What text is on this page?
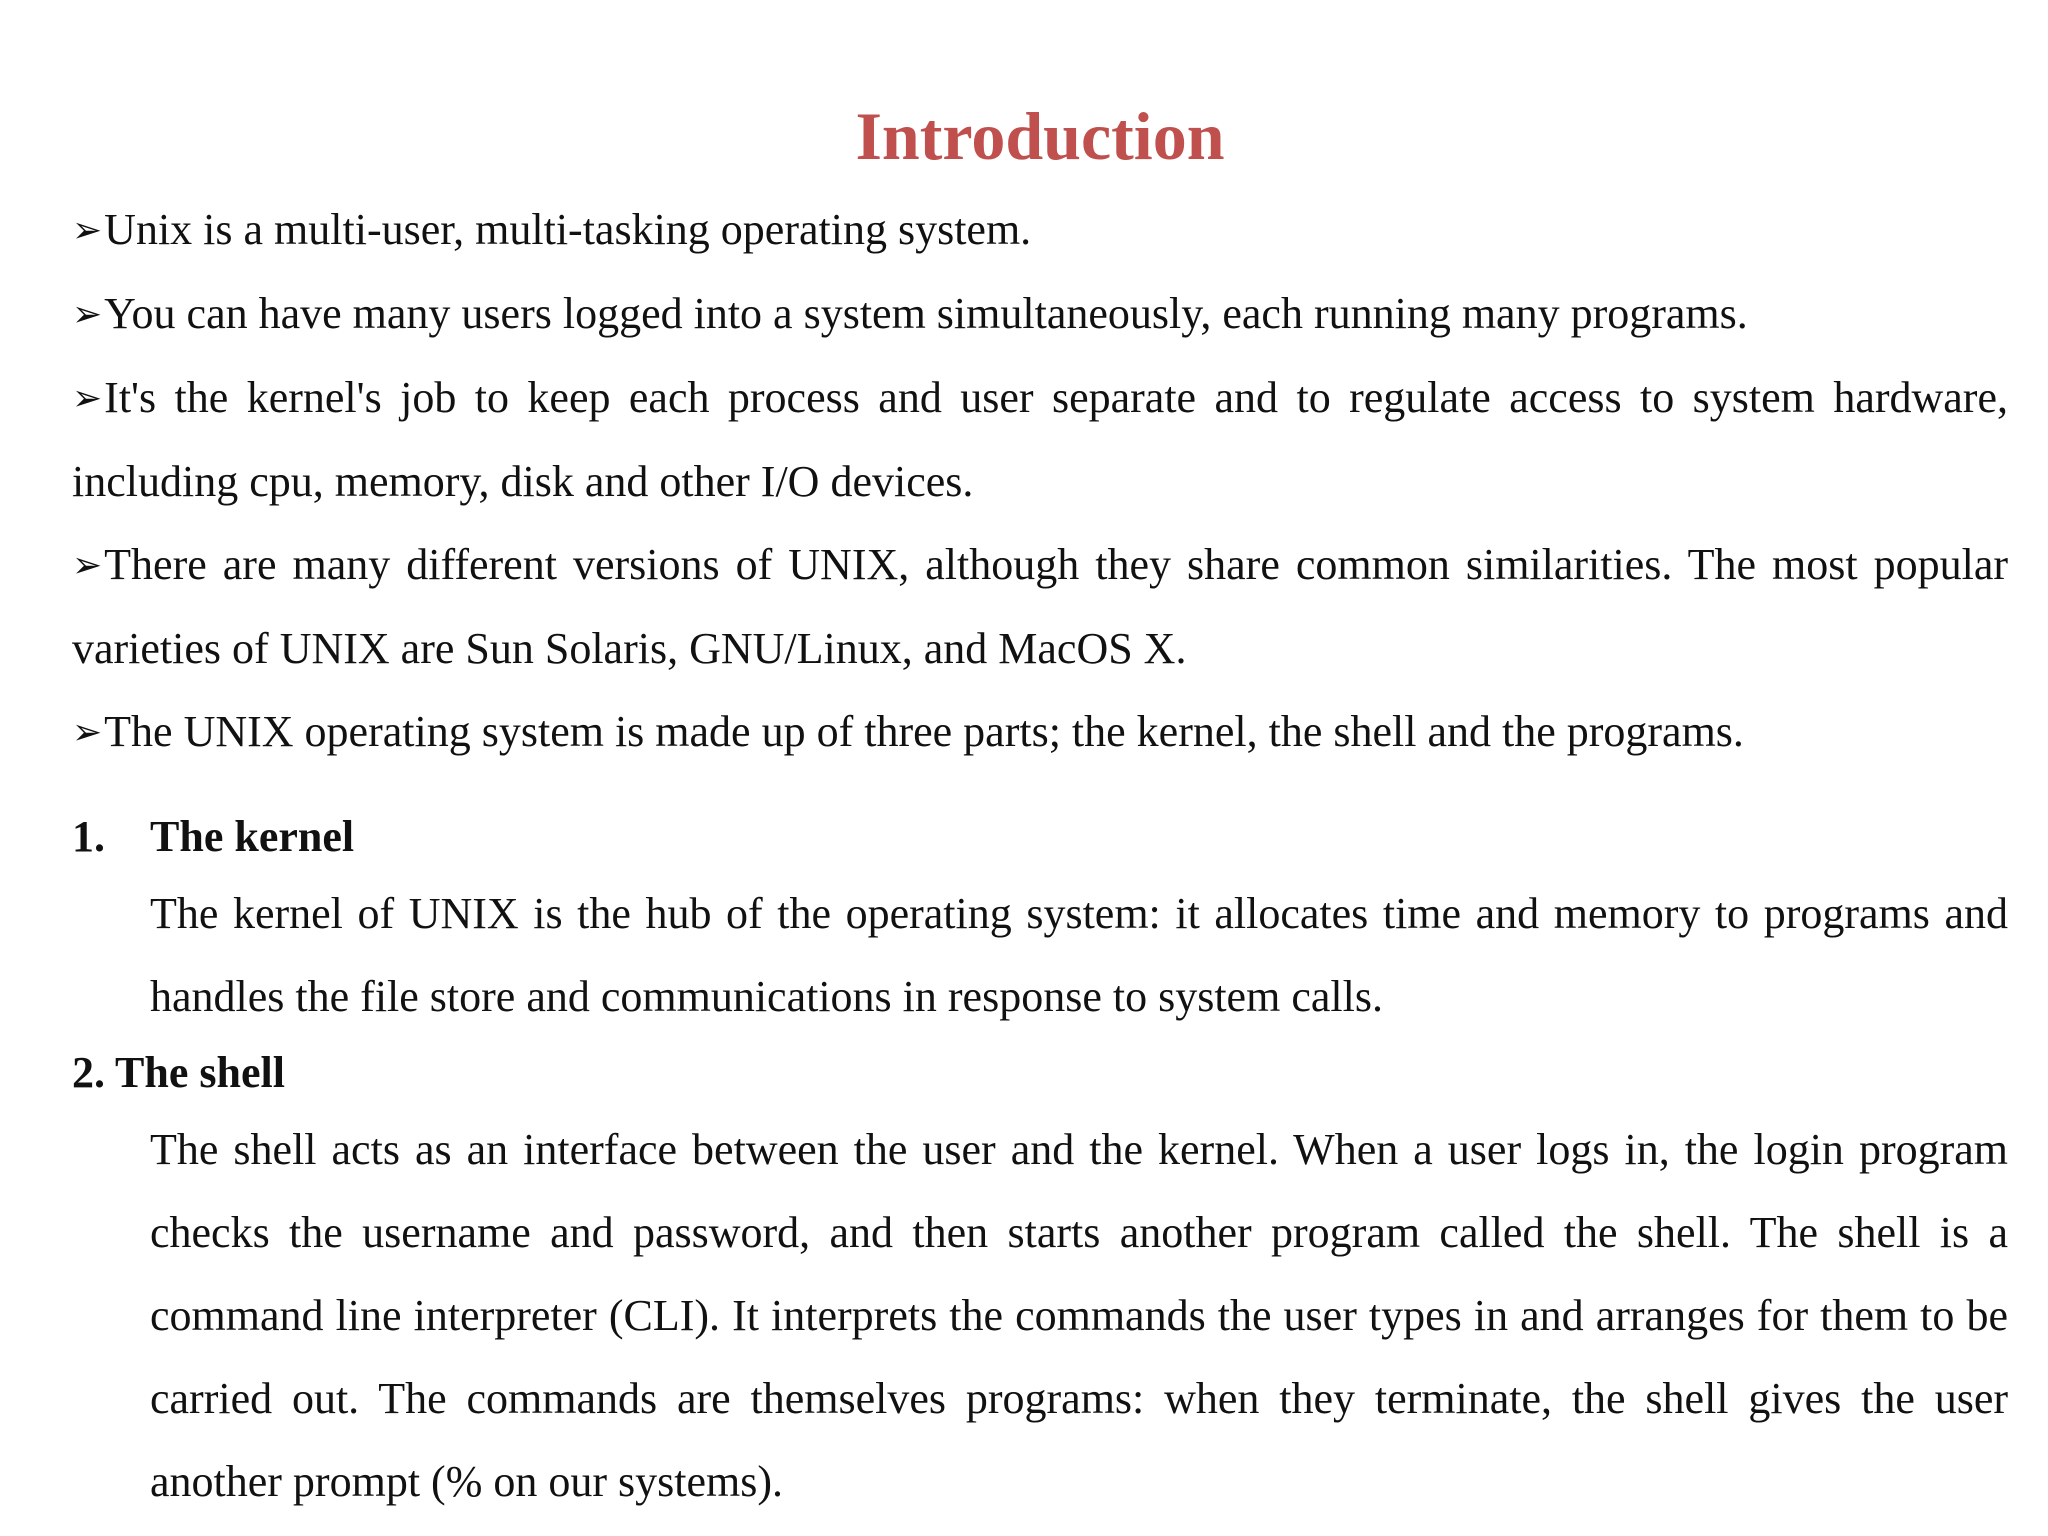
Introduction

➢Unix is a multi-user, multi-tasking operating system.

➢You can have many users logged into a system simultaneously, each running many programs.

➢It's the kernel's job to keep each process and user separate and to regulate access to system hardware, including cpu, memory, disk and other I/O devices.

➢There are many different versions of UNIX, although they share common similarities. The most popular varieties of UNIX are Sun Solaris, GNU/Linux, and MacOS X.

➢The UNIX operating system is made up of three parts; the kernel, the shell and the programs.

1.	The kernel

The kernel of UNIX is the hub of the operating system: it allocates time and memory to programs and handles the file store and communications in response to system calls.

2. The shell

The shell acts as an interface between the user and the kernel. When a user logs in, the login program checks the username and password, and then starts another program called the shell. The shell is a command line interpreter (CLI). It interprets the commands the user types in and arranges for them to be carried out. The commands are themselves programs: when they terminate, the shell gives the user another prompt (% on our systems).
